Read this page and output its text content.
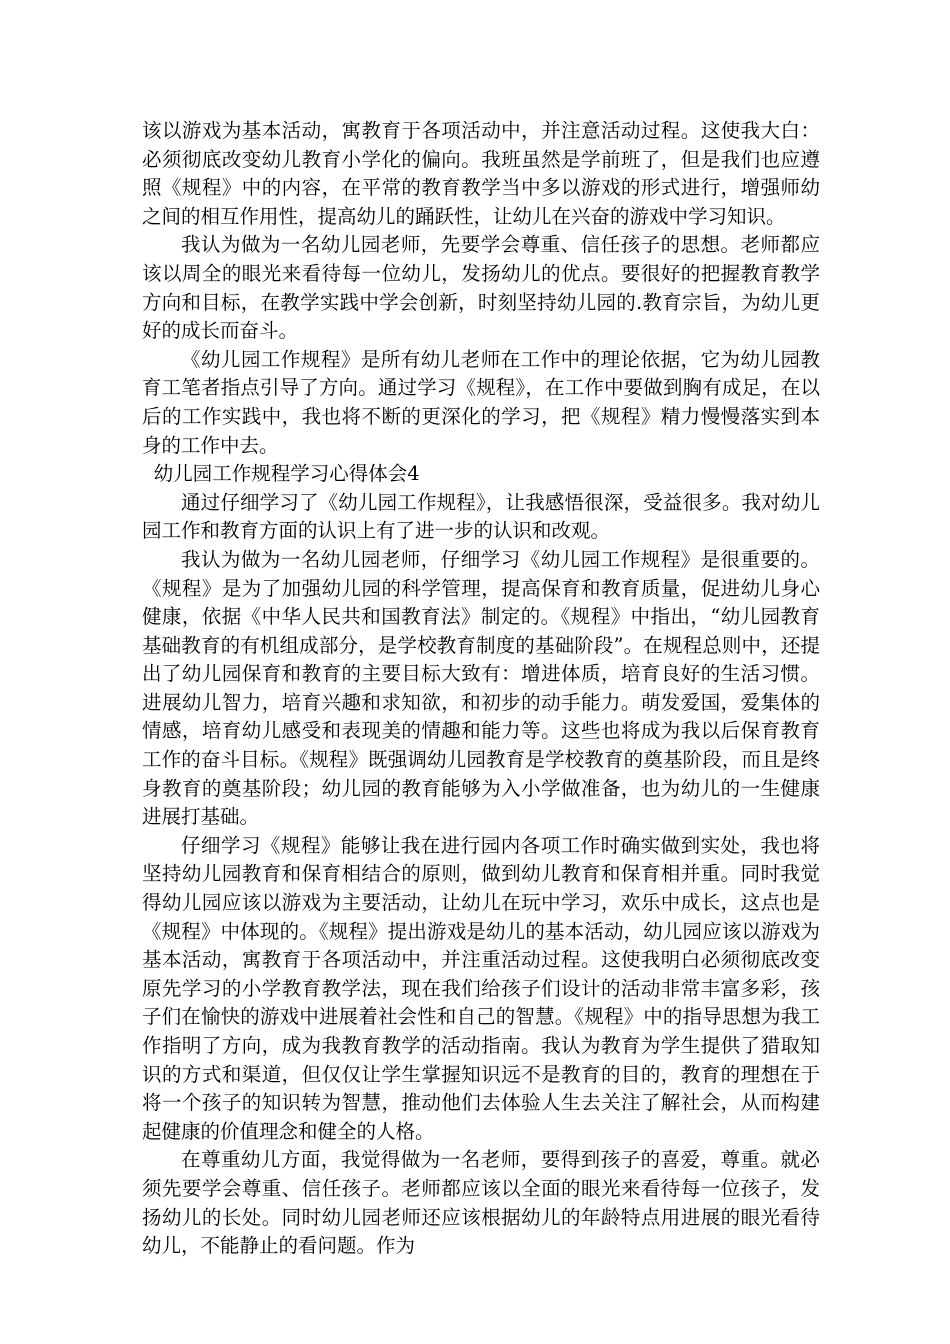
该以游戏为基本活动，寓教育于各项活动中，并注意活动过程。这使我大白：必须彻底改变幼儿教育小学化的偏向。我班虽然是学前班了，但是我们也应遵照《规程》中的内容，在平常的教育教学当中多以游戏的形式进行，增强师幼之间的相互作用性，提高幼儿的踊跃性，让幼儿在兴奋的游戏中学习知识。

我认为做为一名幼儿园老师，先要学会尊重、信任孩子的思想。老师都应该以周全的眼光来看待每一位幼儿，发扬幼儿的优点。要很好的把握教育教学方向和目标，在教学实践中学会创新，时刻坚持幼儿园的.教育宗旨，为幼儿更好的成长而奋斗。

《幼儿园工作规程》是所有幼儿老师在工作中的理论依据，它为幼儿园教育工笔者指点引导了方向。通过学习《规程》，在工作中要做到胸有成足，在以后的工作实践中，我也将不断的更深化的学习，把《规程》精力慢慢落实到本身的工作中去。

幼儿园工作规程学习心得体会4

通过仔细学习了《幼儿园工作规程》，让我感悟很深，受益很多。我对幼儿园工作和教育方面的认识上有了进一步的认识和改观。

我认为做为一名幼儿园老师，仔细学习《幼儿园工作规程》是很重要的。《规程》是为了加强幼儿园的科学管理，提高保育和教育质量，促进幼儿身心健康，依据《中华人民共和国教育法》制定的。《规程》中指出，“幼儿园教育基础教育的有机组成部分，是学校教育制度的基础阶段”。在规程总则中，还提出了幼儿园保育和教育的主要目标大致有：增进体质，培育良好的生活习惯。进展幼儿智力，培育兴趣和求知欲，和初步的动手能力。萌发爱国，爱集体的情感，培育幼儿感受和表现美的情趣和能力等。这些也将成为我以后保育教育工作的奋斗目标。《规程》既强调幼儿园教育是学校教育的奠基阶段，而且是终身教育的奠基阶段；幼儿园的教育能够为入小学做准备，也为幼儿的一生健康进展打基础。

仔细学习《规程》能够让我在进行园内各项工作时确实做到实处，我也将坚持幼儿园教育和保育相结合的原则，做到幼儿教育和保育相并重。同时我觉得幼儿园应该以游戏为主要活动，让幼儿在玩中学习，欢乐中成长，这点也是《规程》中体现的。《规程》提出游戏是幼儿的基本活动，幼儿园应该以游戏为基本活动，寓教育于各项活动中，并注重活动过程。这使我明白必须彻底改变原先学习的小学教育教学法，现在我们给孩子们设计的活动非常丰富多彩，孩子们在愉快的游戏中进展着社会性和自己的智慧。《规程》中的指导思想为我工作指明了方向，成为我教育教学的活动指南。我认为教育为学生提供了猎取知识的方式和渠道，但仅仅让学生掌握知识远不是教育的目的，教育的理想在于将一个孩子的知识转为智慧，推动他们去体验人生去关注了解社会，从而构建起健康的价值理念和健全的人格。

在尊重幼儿方面，我觉得做为一名老师，要得到孩子的喜爱，尊重。就必须先要学会尊重、信任孩子。老师都应该以全面的眼光来看待每一位孩子，发扬幼儿的长处。同时幼儿园老师还应该根据幼儿的年龄特点用进展的眼光看待幼儿，不能静止的看问题。作为
